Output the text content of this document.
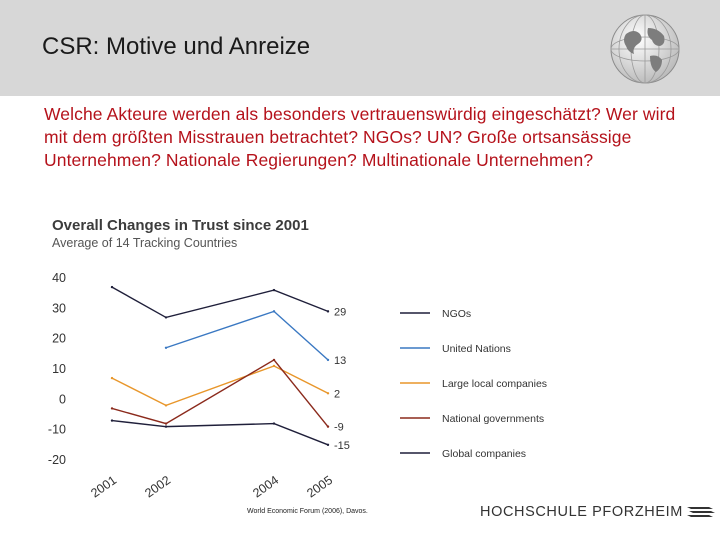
CSR: Motive und Anreize
Welche Akteure werden als besonders vertrauenswürdig eingeschätzt? Wer wird mit dem größten Misstrauen betrachtet? NGOs? UN? Große ortsansässige Unternehmen? Nationale Regierungen? Multinationale Unternehmen?
Overall Changes in Trust since 2001
Average of 14 Tracking Countries
40
30
20
10
0
-10
-20
2001 2002	2004 2005
29
13
2
-9
-15
NGOs
United Nations
Large local companies
National governments
Global companies
World Economic Forum (2006), Davos.	HOCHSCHULE PFORZHEIM
